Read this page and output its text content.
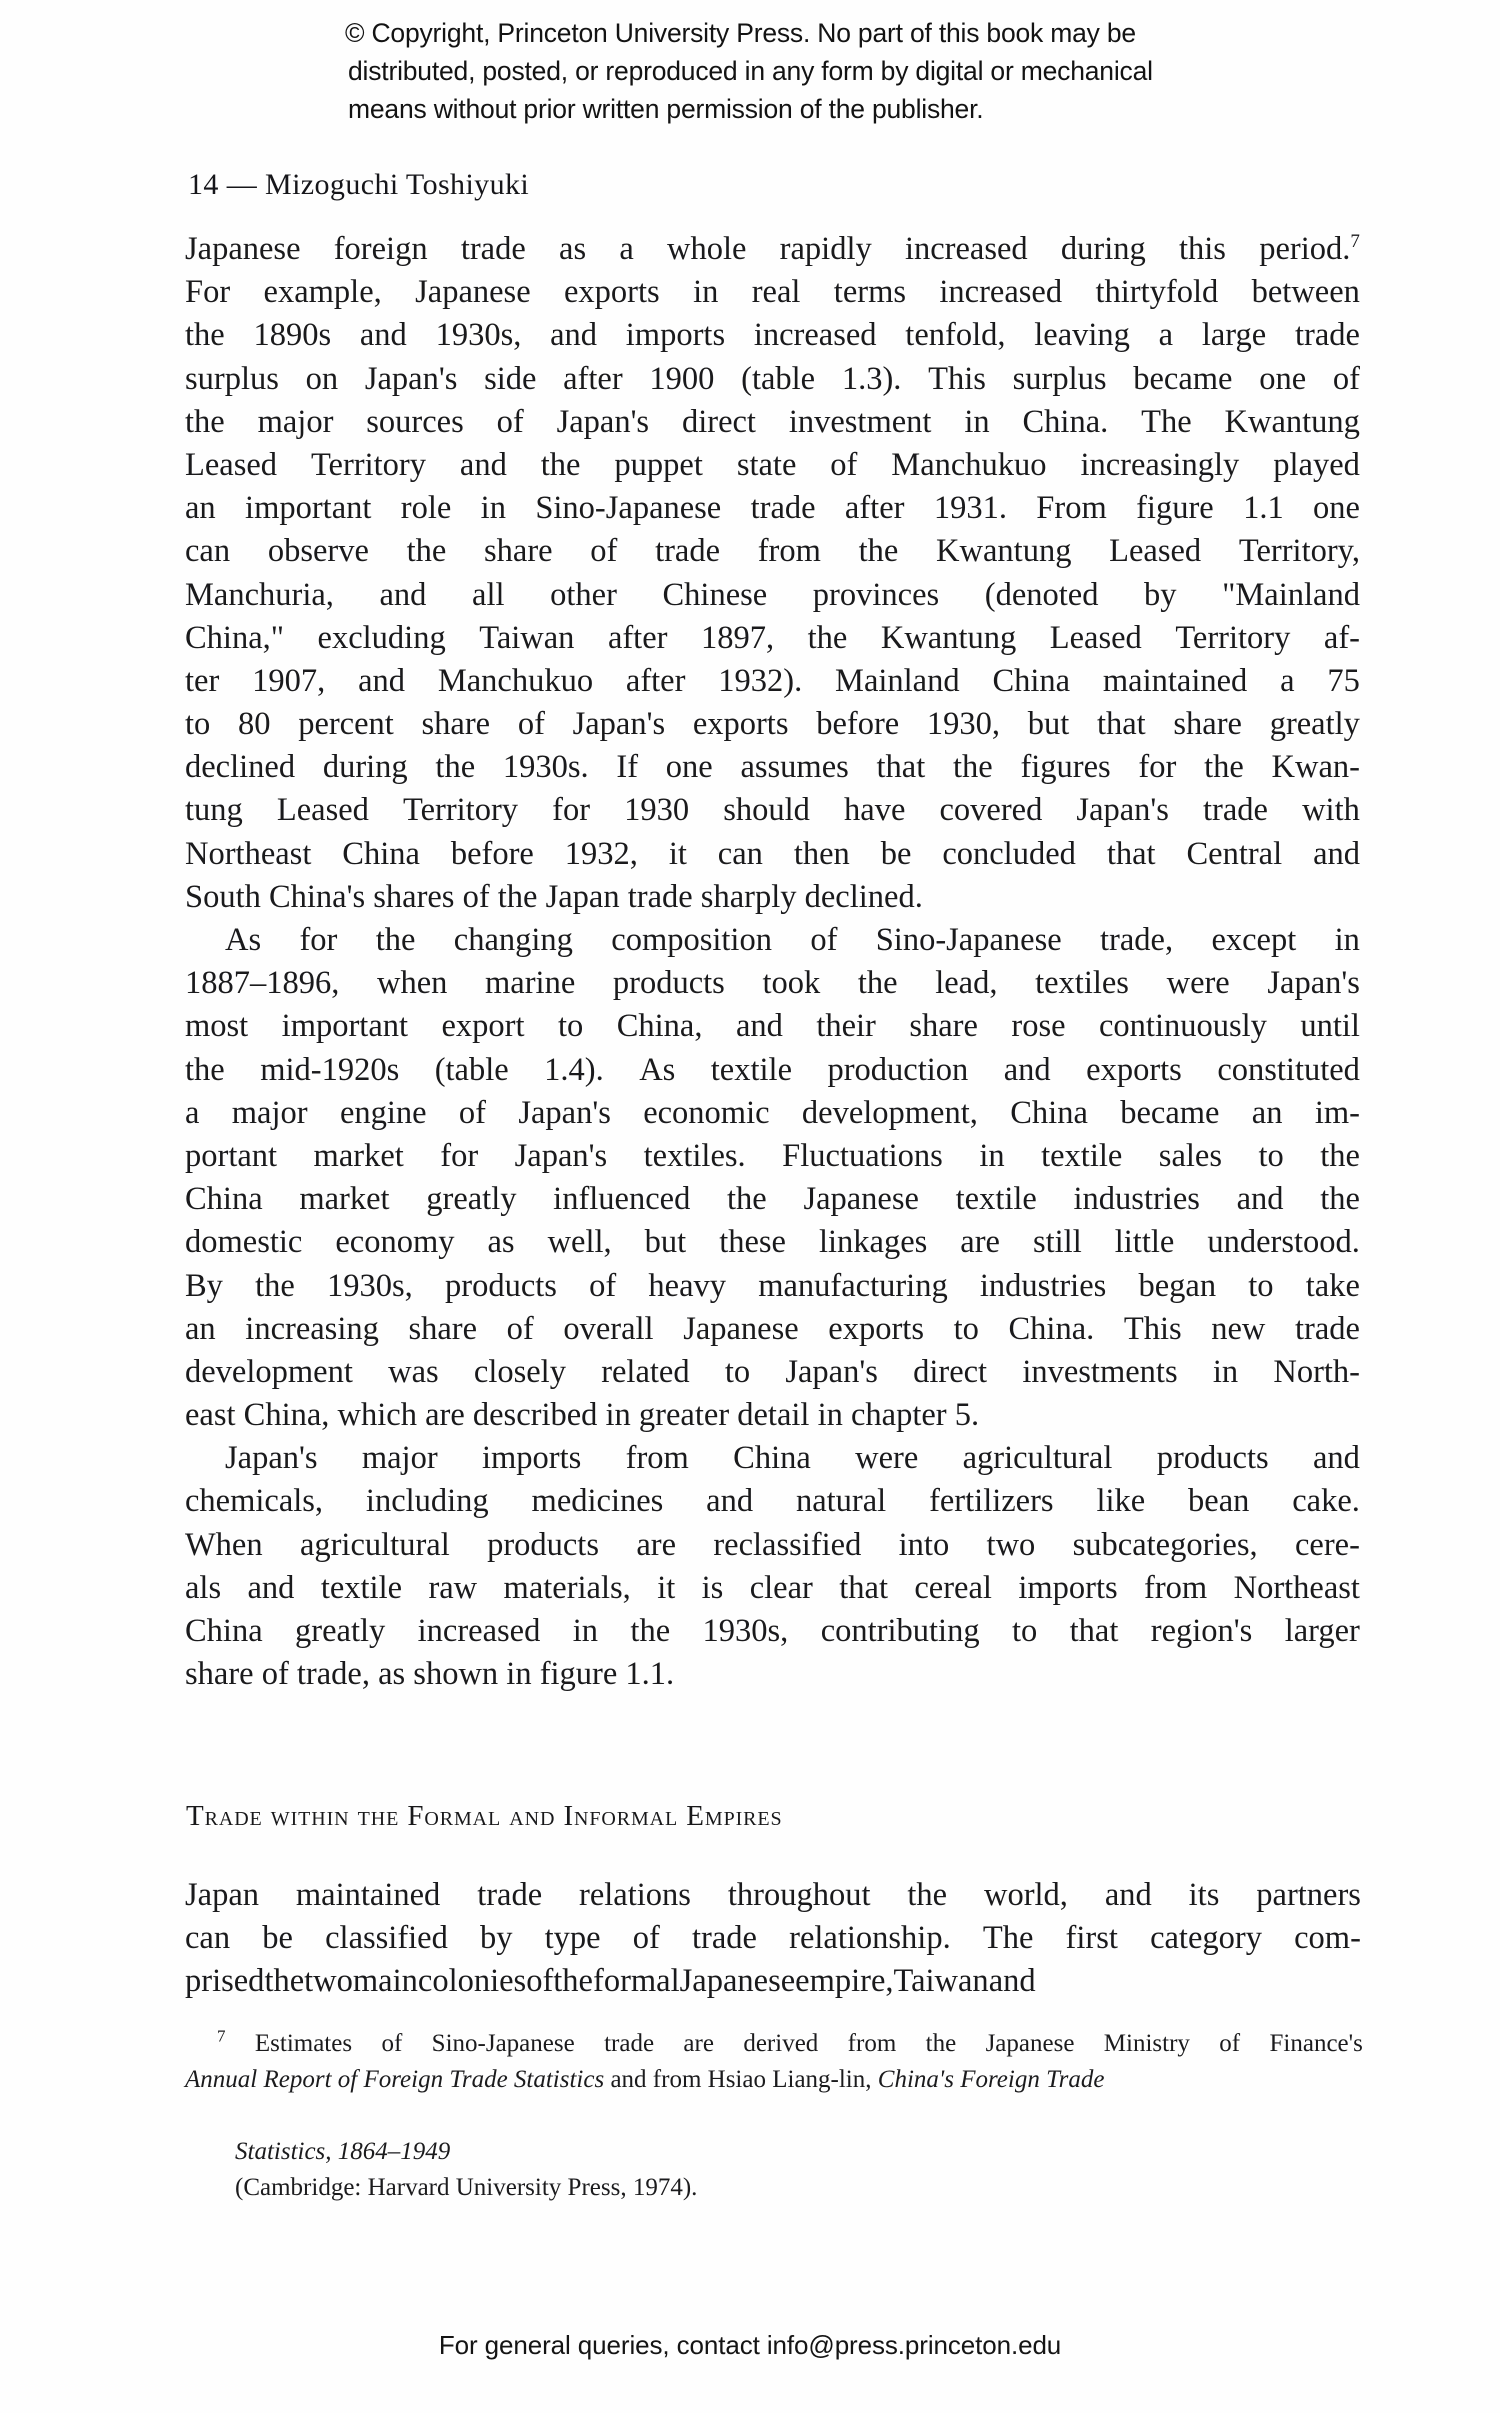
© Copyright, Princeton University Press. No part of this book may be
distributed, posted, or reproduced in any form by digital or mechanical
means without prior written permission of the publisher.
14 — Mizoguchi Toshiyuki
Japanese foreign trade as a whole rapidly increased during this period.$^7$
For example, Japanese exports in real terms increased thirtyfold between
the 1890s and 1930s, and imports increased tenfold, leaving a large trade
surplus on Japan's side after 1900 (table 1.3). This surplus became one of
the major sources of Japan's direct investment in China. The Kwantung
Leased Territory and the puppet state of Manchukuo increasingly played
an important role in Sino-Japanese trade after 1931. From figure 1.1 one
can observe the share of trade from the Kwantung Leased Territory,
Manchuria, and all other Chinese provinces (denoted by "Mainland
China," excluding Taiwan after 1897, the Kwantung Leased Territory af-
ter 1907, and Manchukuo after 1932). Mainland China maintained a 75
to 80 percent share of Japan's exports before 1930, but that share greatly
declined during the 1930s. If one assumes that the figures for the Kwan-
tung Leased Territory for 1930 should have covered Japan's trade with
Northeast China before 1932, it can then be concluded that Central and
South China's shares of the Japan trade sharply declined.
As for the changing composition of Sino-Japanese trade, except in
1887–1896, when marine products took the lead, textiles were Japan's
most important export to China, and their share rose continuously until
the mid-1920s (table 1.4). As textile production and exports constituted
a major engine of Japan's economic development, China became an im-
portant market for Japan's textiles. Fluctuations in textile sales to the
China market greatly influenced the Japanese textile industries and the
domestic economy as well, but these linkages are still little understood.
By the 1930s, products of heavy manufacturing industries began to take
an increasing share of overall Japanese exports to China. This new trade
development was closely related to Japan's direct investments in North-
east China, which are described in greater detail in chapter 5.
Japan's major imports from China were agricultural products and
chemicals, including medicines and natural fertilizers like bean cake.
When agricultural products are reclassified into two subcategories, cere-
als and textile raw materials, it is clear that cereal imports from Northeast
China greatly increased in the 1930s, contributing to that region's larger
share of trade, as shown in figure 1.1.
Trade within the Formal and Informal Empires
Japan maintained trade relations throughout the world, and its partners
can be classified by type of trade relationship. The first category com-
prised the two main colonies of the formal Japanese empire, Taiwan and
$^7$ Estimates of Sino-Japanese trade are derived from the Japanese Ministry of Finance's
Annual Report of Foreign Trade Statistics and from Hsiao Liang-lin, China's Foreign Trade

Statistics, 1864–1949
(Cambridge: Harvard University Press, 1974).

For general queries, contact info@press.princeton.edu
